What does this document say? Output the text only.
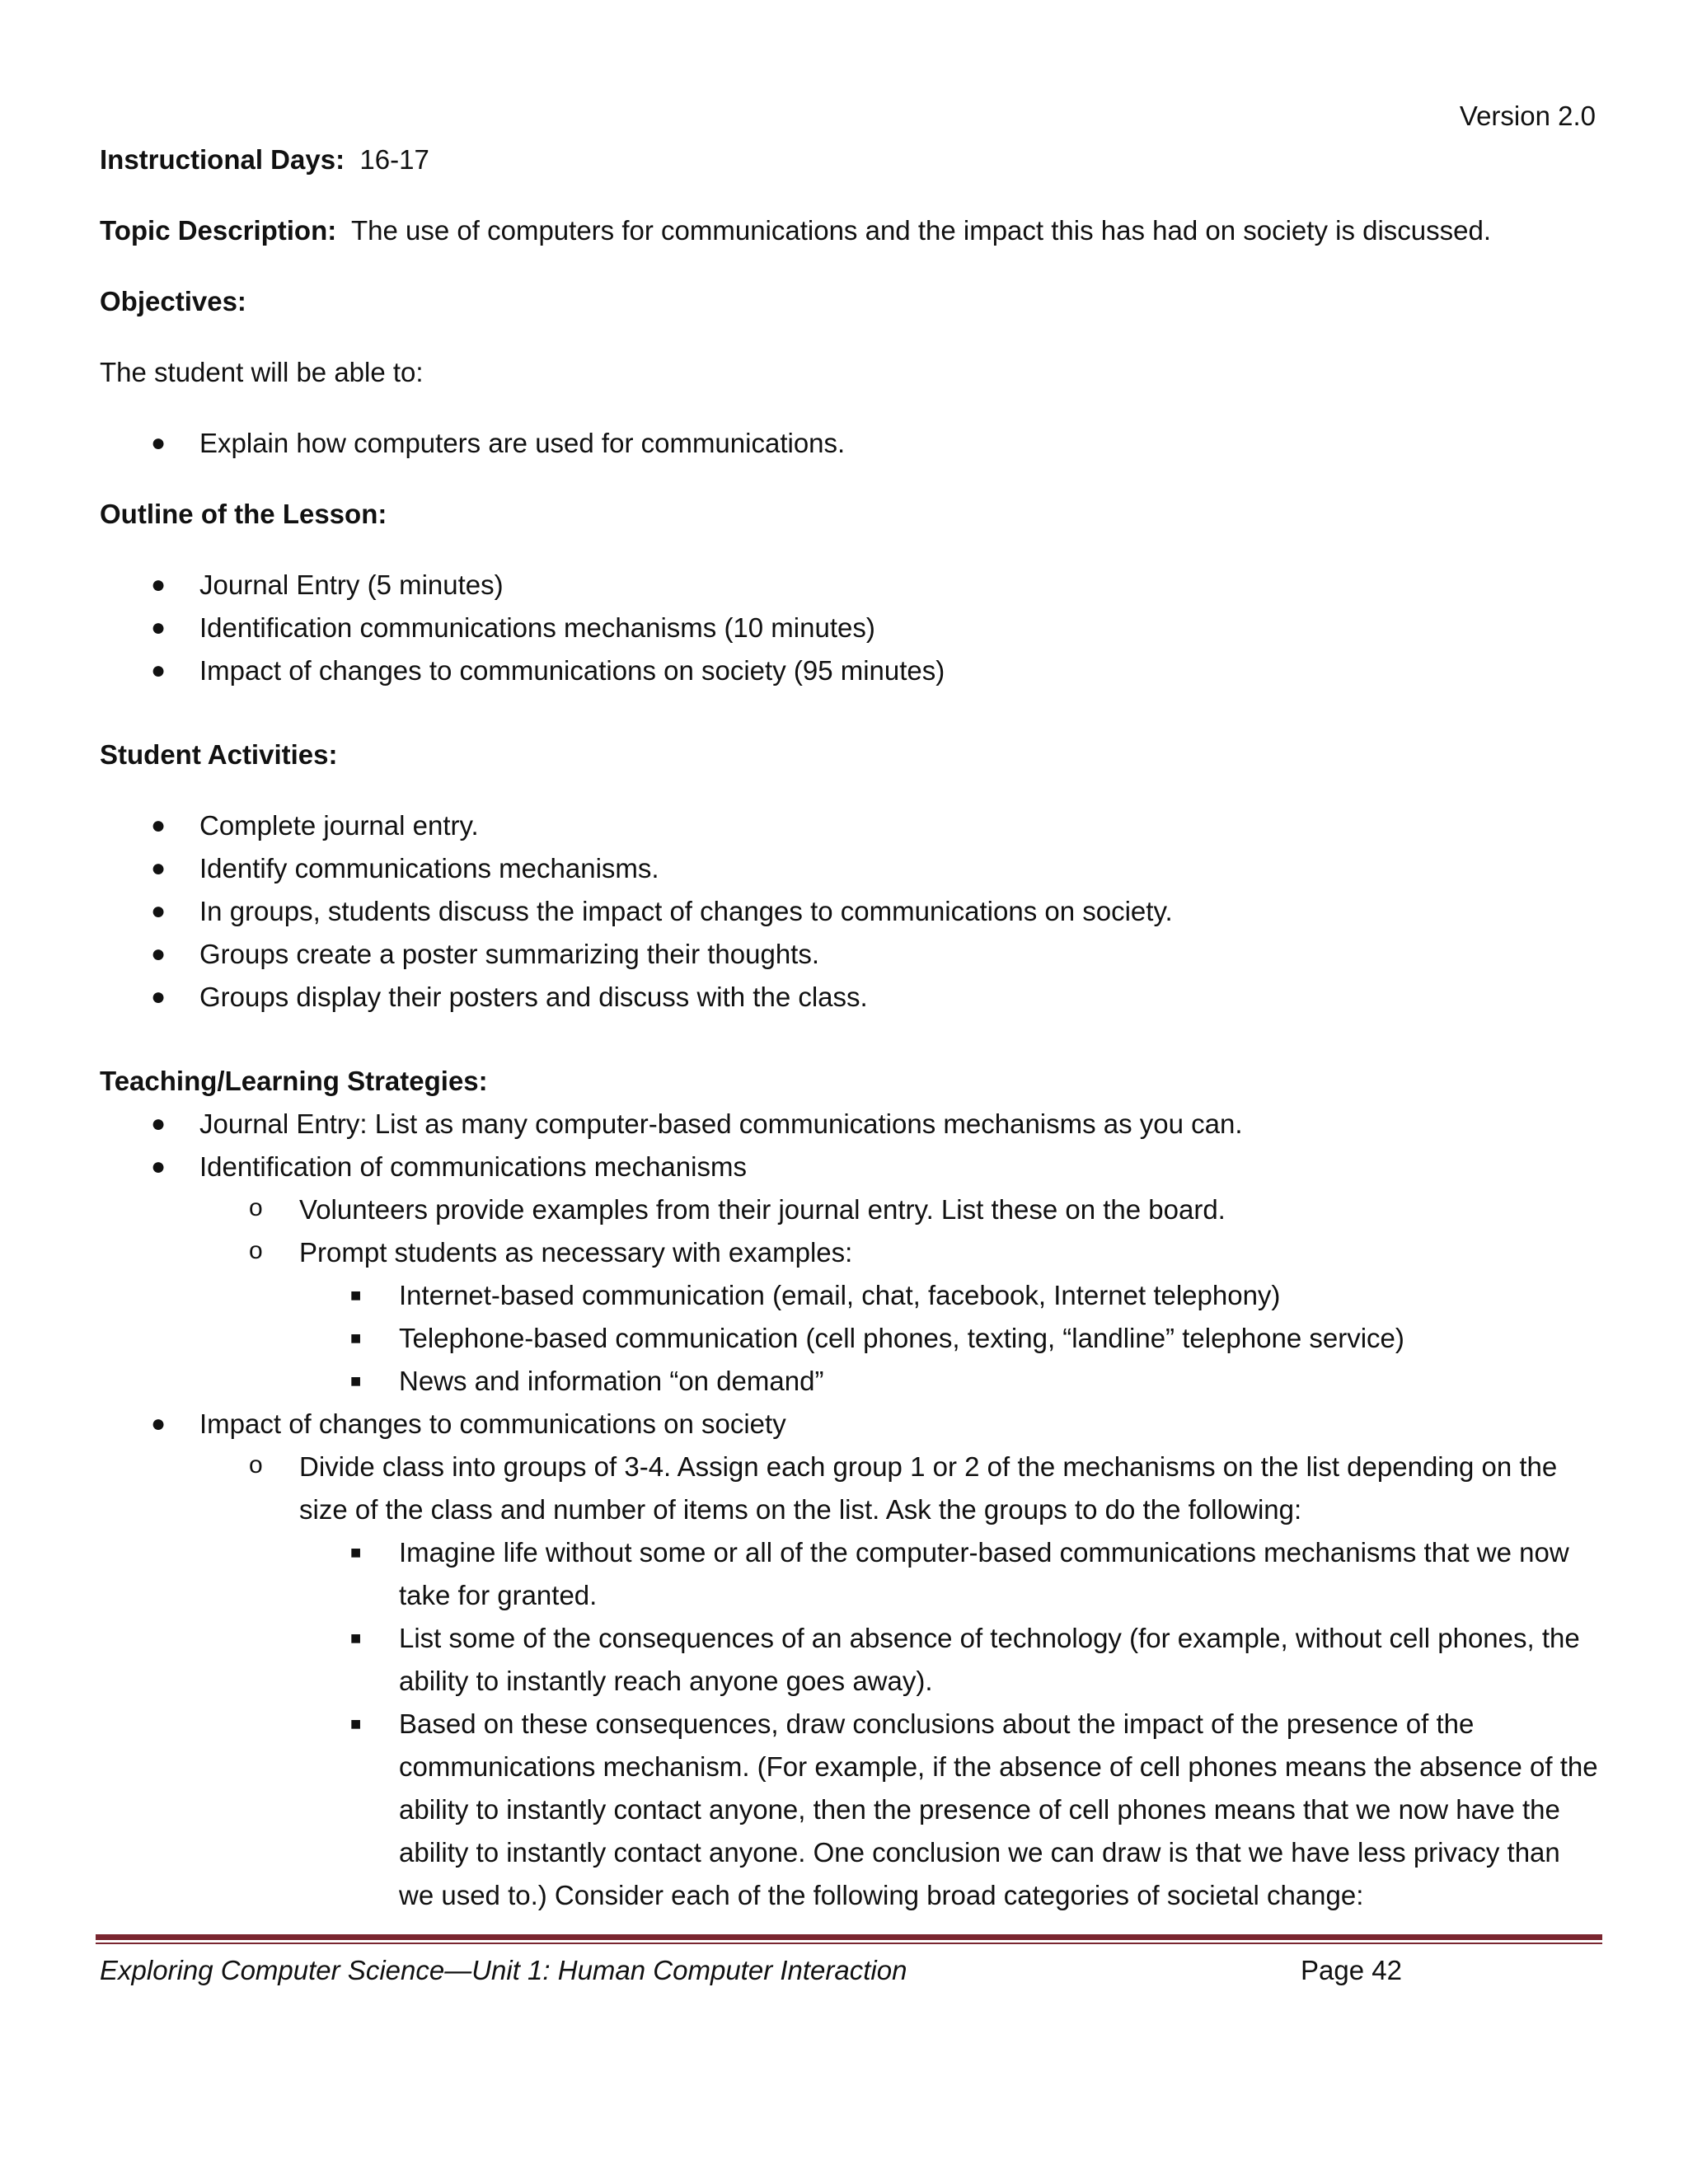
Version 2.0

Instructional Days: 16-17

Topic Description: The use of computers for communications and the impact this has had on society is discussed.

Objectives:

The student will be able to:

● Explain how computers are used for communications.

Outline of the Lesson:

● Journal Entry (5 minutes)
● Identification communications mechanisms (10 minutes)
● Impact of changes to communications on society (95 minutes)

Student Activities:

● Complete journal entry.
● Identify communications mechanisms.
● In groups, students discuss the impact of changes to communications on society.
● Groups create a poster summarizing their thoughts.
● Groups display their posters and discuss with the class.

Teaching/Learning Strategies:

● Journal Entry: List as many computer-based communications mechanisms as you can.
● Identification of communications mechanisms
o Volunteers provide examples from their journal entry. List these on the board.
o Prompt students as necessary with examples:
■ Internet-based communication (email, chat, facebook, Internet telephony)
■ Telephone-based communication (cell phones, texting, “landline” telephone service)
■ News and information “on demand”
● Impact of changes to communications on society
o Divide class into groups of 3-4. Assign each group 1 or 2 of the mechanisms on the list depending on the size of the class and number of items on the list. Ask the groups to do the following:
■ Imagine life without some or all of the computer-based communications mechanisms that we now take for granted.
■ List some of the consequences of an absence of technology (for example, without cell phones, the ability to instantly reach anyone goes away).
■ Based on these consequences, draw conclusions about the impact of the presence of the communications mechanism. (For example, if the absence of cell phones means the absence of the ability to instantly contact anyone, then the presence of cell phones means that we now have the ability to instantly contact anyone. One conclusion we can draw is that we have less privacy than we used to.) Consider each of the following broad categories of societal change:
Exploring Computer Science—Unit 1: Human Computer Interaction	Page 42
